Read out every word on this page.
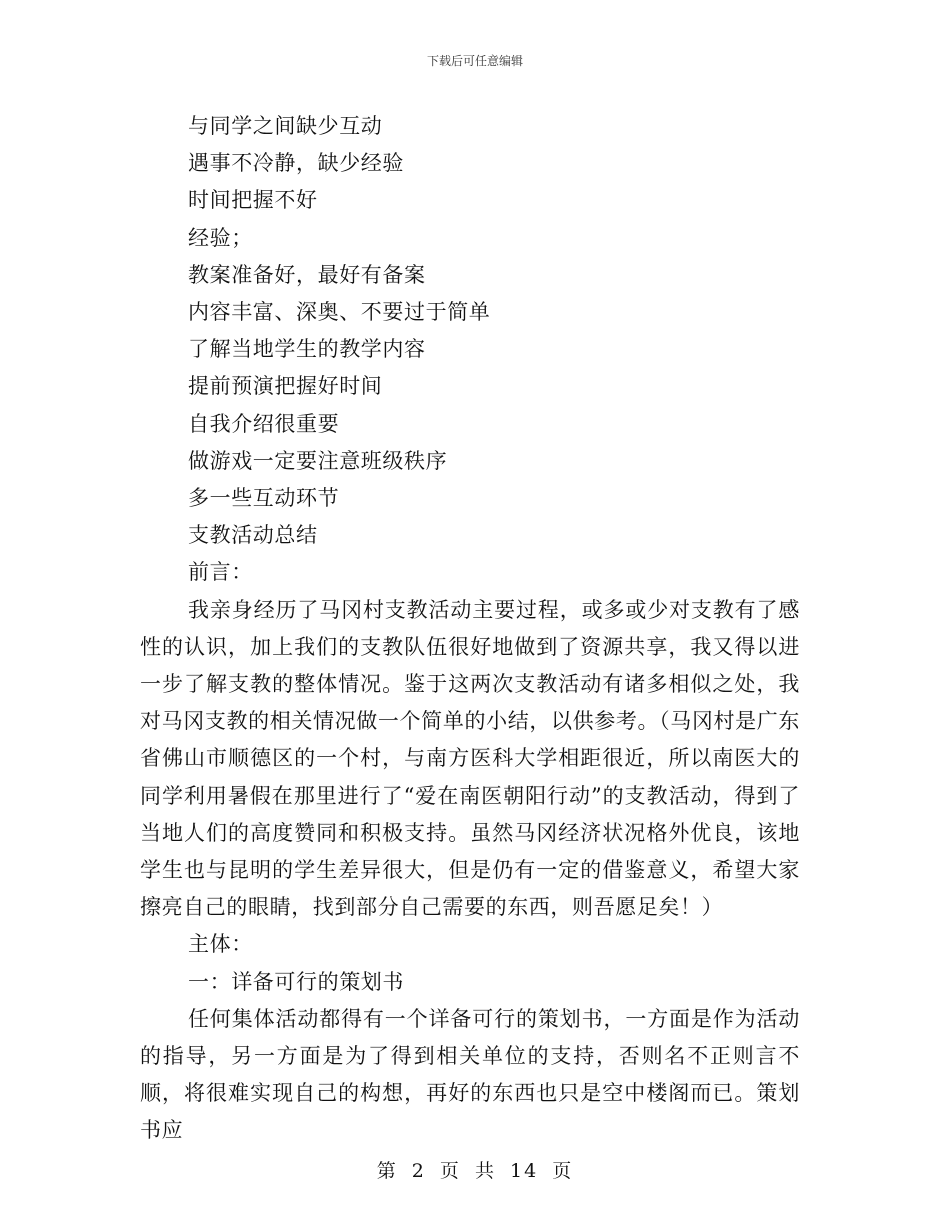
下载后可任意编辑
与同学之间缺少互动
遇事不冷静，缺少经验
时间把握不好
经验；
教案准备好，最好有备案
内容丰富、深奥、不要过于简单
了解当地学生的教学内容
提前预演把握好时间
自我介绍很重要
做游戏一定要注意班级秩序
多一些互动环节
支教活动总结
前言：
我亲身经历了马冈村支教活动主要过程，或多或少对支教有了感性的认识，加上我们的支教队伍很好地做到了资源共享，我又得以进一步了解支教的整体情况。鉴于这两次支教活动有诸多相似之处，我对马冈支教的相关情况做一个简单的小结，以供参考。（马冈村是广东省佛山市顺德区的一个村，与南方医科大学相距很近，所以南医大的同学利用暑假在那里进行了“爱在南医朝阳行动”的支教活动，得到了当地人们的高度赞同和积极支持。虽然马冈经济状况格外优良，该地学生也与昆明的学生差异很大，但是仍有一定的借鉴意义，希望大家擦亮自己的眼睛，找到部分自己需要的东西，则吾愿足矣！）
主体：
一：详备可行的策划书
任何集体活动都得有一个详备可行的策划书，一方面是作为活动的指导，另一方面是为了得到相关单位的支持，否则名不正则言不顺，将很难实现自己的构想，再好的东西也只是空中楼阁而已。策划书应
第 2 页 共 14 页
